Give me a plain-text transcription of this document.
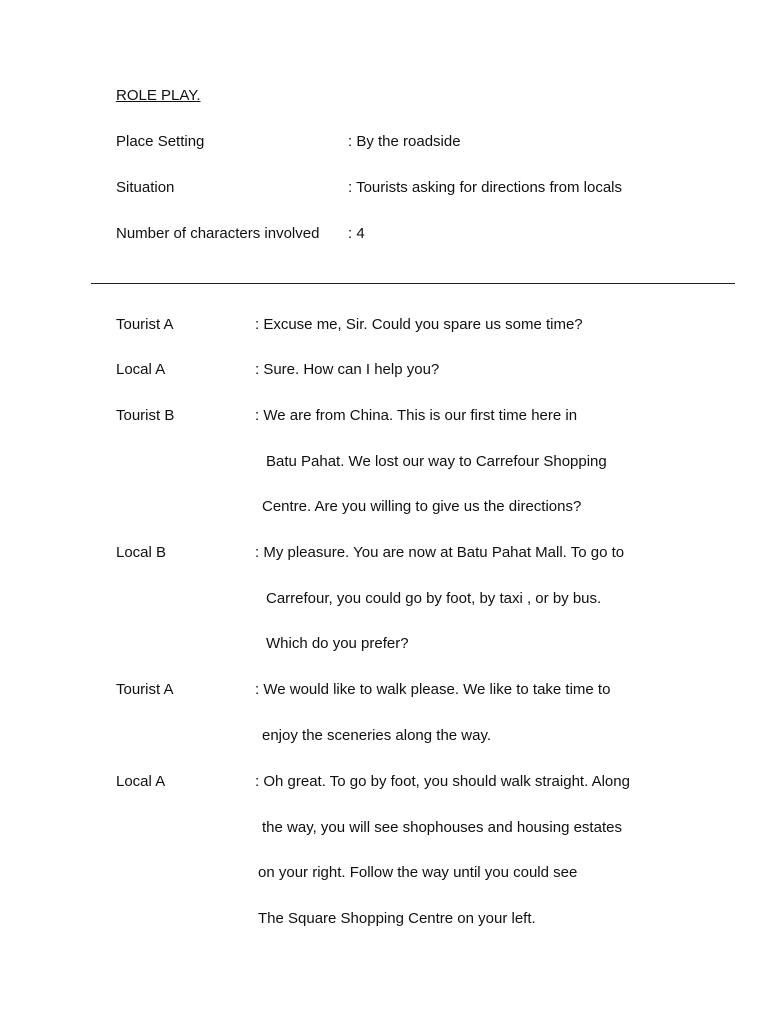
ROLE PLAY.
Place Setting	: By the roadside
Situation	: Tourists asking for directions from locals
Number of characters involved : 4
Tourist A	: Excuse me, Sir. Could you spare us some time?
Local A	: Sure. How can I help you?
Tourist B	: We are from China. This is our first time here in
Batu Pahat. We lost our way to Carrefour Shopping
Centre. Are you willing to give us the directions?
Local B	: My pleasure. You are now at Batu Pahat Mall. To go to
Carrefour, you could go by foot, by taxi , or by bus.
Which do you prefer?
Tourist A	: We would like to walk please. We like to take time to
enjoy the sceneries along the way.
Local A	: Oh great. To go by foot, you should walk straight. Along
the way, you will see shophouses and housing estates
on your right. Follow the way until you could see
The Square Shopping Centre on your left.
